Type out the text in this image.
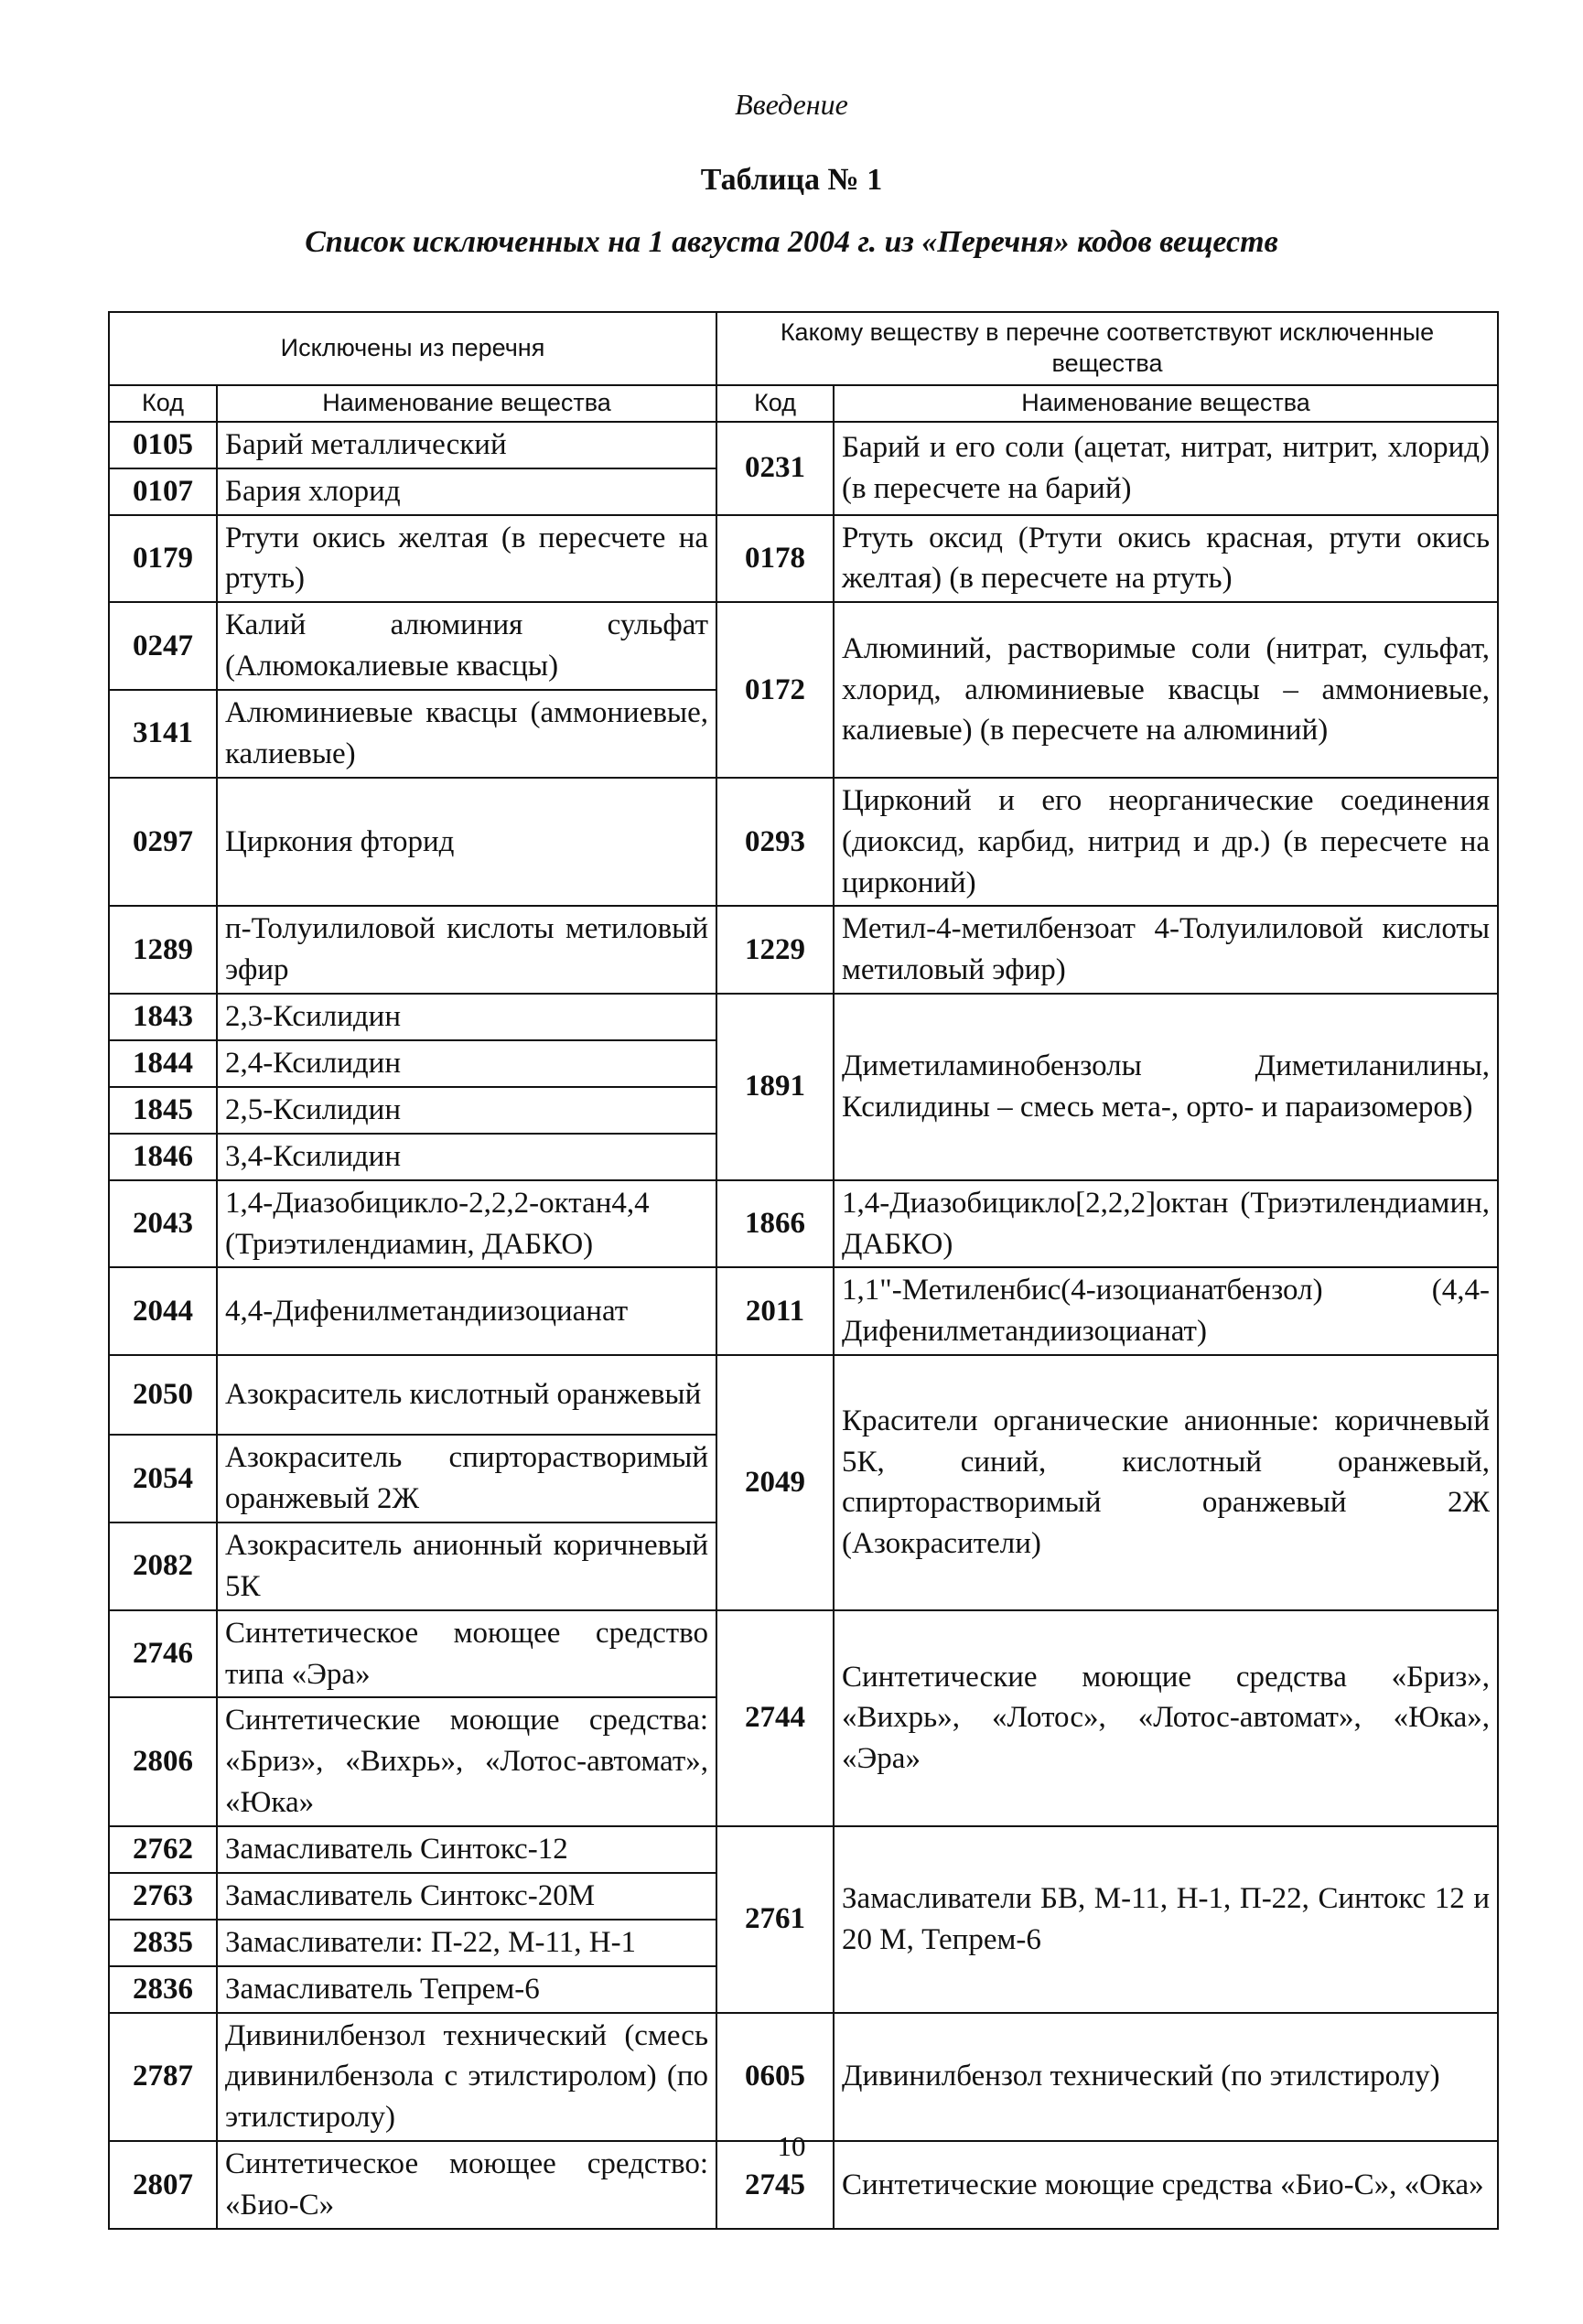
Введение
Таблица № 1
Список исключенных на 1 августа 2004 г. из «Перечня» кодов веществ
Исключены из перечня		Какому веществу в перечне соответствуют исключенные вещества	
Код	Наименование вещества	Код	Наименование вещества
0105	Барий металлический	0231	Барий и его соли (ацетат, нитрат, нитрит, хлорид) (в пересчете на барий)
0107	Бария хлорид		
0179	Ртути окись желтая (в пересчете на ртуть)	0178	Ртуть оксид (Ртути окись красная, ртути окись желтая) (в пересчете на ртуть)
0247	Калий алюминия сульфат (Алюмокалиевые квасцы)	0172	Алюминий, растворимые соли (нитрат, сульфат, хлорид, алюминиевые квасцы – аммониевые, калиевые) (в пересчете на алюминий)
3141	Алюминиевые квасцы (аммониевые, калиевые)		
0297	Циркония фторид	0293	Цирконий и его неорганические соединения (диоксид, карбид, нитрид и др.) (в пересчете на цирконий)
1289	п-Толуилиловой кислоты метиловый эфир	1229	Метил-4-метилбензоат 4-Толуилиловой кислоты метиловый эфир)
1843	2,3-Ксилидин	1891	Диметиламинобензолы Диметиланилины, Ксилидины – смесь мета-, орто- и параизомеров)
1844	2,4-Ксилидин		
1845	2,5-Ксилидин		
1846	3,4-Ксилидин		
2043	1,4-Диазобицикло-2,2,2-октан4,4 (Триэтилендиамин, ДАБКО)	1866	1,4-Диазобицикло[2,2,2]октан (Триэтилендиамин, ДАБКО)
2044	4,4-Дифенилметандиизоцианат	2011	1,1"-Метиленбис(4-изоцианатбензол) (4,4-Дифенилметандиизоцианат)
2050	Азокраситель кислотный оранжевый	2049	Красители органические анионные: коричневый 5К, синий, кислотный оранжевый, спирторастворимый оранжевый 2Ж (Азокрасители)
2054	Азокраситель спирторастворимый оранжевый 2Ж		
2082	Азокраситель анионный коричневый 5К		
2746	Синтетическое моющее средство типа «Эра»	2744	Синтетические моющие средства «Бриз», «Вихрь», «Лотос», «Лотос-автомат», «Юка», «Эра»
2806	Синтетические моющие средства: «Бриз», «Вихрь», «Лотос-автомат», «Юка»		
2762	Замасливатель Синтокс-12	2761	Замасливатели БВ, М-11, Н-1, П-22, Синтокс 12 и 20 М, Тепрем-6
2763	Замасливатель Синтокс-20М		
2835	Замасливатели: П-22, М-11, Н-1		
2836	Замасливатель Тепрем-6		
2787	Дивинилбензол технический (смесь дивинилбензола с этилстиролом) (по этилстиролу)	0605	Дивинилбензол технический (по этилстиролу)
2807	Синтетическое моющее средство: «Био-С»	2745	Синтетические моющие средства «Био-С», «Ока»
10
